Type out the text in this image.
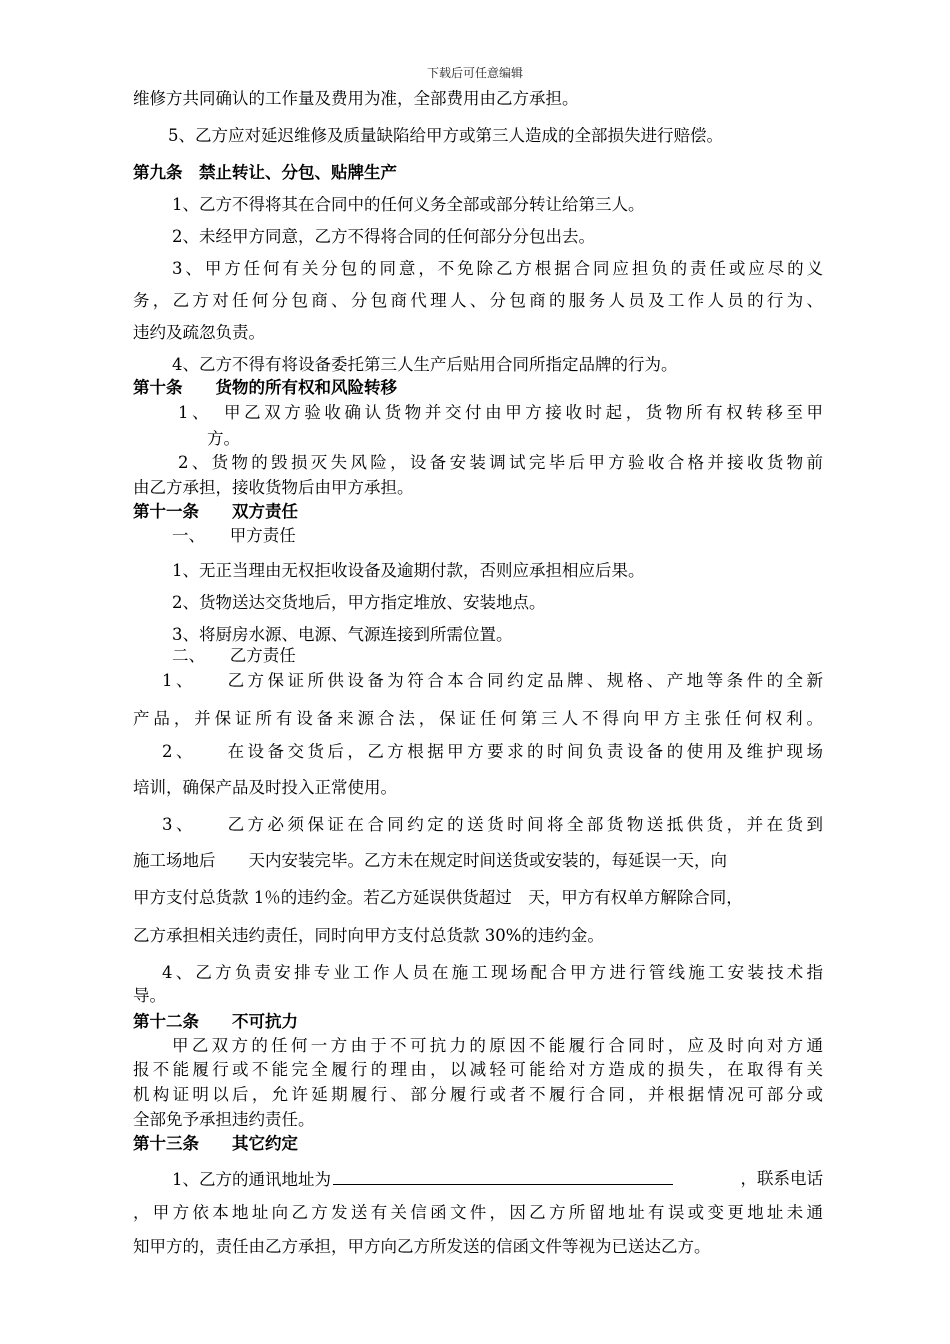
下载后可任意编辑
维修方共同确认的工作量及费用为准，全部费用由乙方承担。
5、乙方应对延迟维修及质量缺陷给甲方或第三人造成的全部损失进行赔偿。
第九条　禁止转让、分包、贴牌生产
1、乙方不得将其在合同中的任何义务全部或部分转让给第三人。
2、未经甲方同意，乙方不得将合同的任何部分分包出去。
3、甲方任何有关分包的同意，不免除乙方根据合同应担负的责任或应尽的义
务，乙方对任何分包商、分包商代理人、分包商的服务人员及工作人员的行为、
违约及疏忽负责。
4、乙方不得有将设备委托第三人生产后贴用合同所指定品牌的行为。
第十条　　货物的所有权和风险转移
1、　甲乙双方验收确认货物并交付由甲方接收时起，货物所有权转移至甲
方。
2、货物的毁损灭失风险，设备安装调试完毕后甲方验收合格并接收货物前
由乙方承担，接收货物后由甲方承担。
第十一条　　双方责任
一、　　甲方责任
1、无正当理由无权拒收设备及逾期付款，否则应承担相应后果。
2、货物送达交货地后，甲方指定堆放、安装地点。
3、将厨房水源、电源、气源连接到所需位置。
二、　　乙方责任
1、　　乙方保证所供设备为符合本合同约定品牌、规格、产地等条件的全新
产品，并保证所有设备来源合法，保证任何第三人不得向甲方主张任何权利。
2、　　在设备交货后，乙方根据甲方要求的时间负责设备的使用及维护现场
培训，确保产品及时投入正常使用。
3、　　乙方必须保证在合同约定的送货时间将全部货物送抵供货，并在货到
施工场地后　　天内安装完毕。乙方未在规定时间送货或安装的，每延误一天，向
甲方支付总货款 1％的违约金。若乙方延误供货超过　天，甲方有权单方解除合同，
乙方承担相关违约责任，同时向甲方支付总货款 30%的违约金。
4、乙方负责安排专业工作人员在施工现场配合甲方进行管线施工安装技术指
导。
第十二条　　不可抗力
甲乙双方的任何一方由于不可抗力的原因不能履行合同时，应及时向对方通
报不能履行或不能完全履行的理由，以减轻可能给对方造成的损失，在取得有关
机构证明以后，允许延期履行、部分履行或者不履行合同，并根据情况可部分或
全部免予承担违约责任。
第十三条　　其它约定
1、乙方的通讯地址为	，联系电话
，甲方依本地址向乙方发送有关信函文件，因乙方所留地址有误或变更地址未通
知甲方的，责任由乙方承担，甲方向乙方所发送的信函文件等视为已送达乙方。
